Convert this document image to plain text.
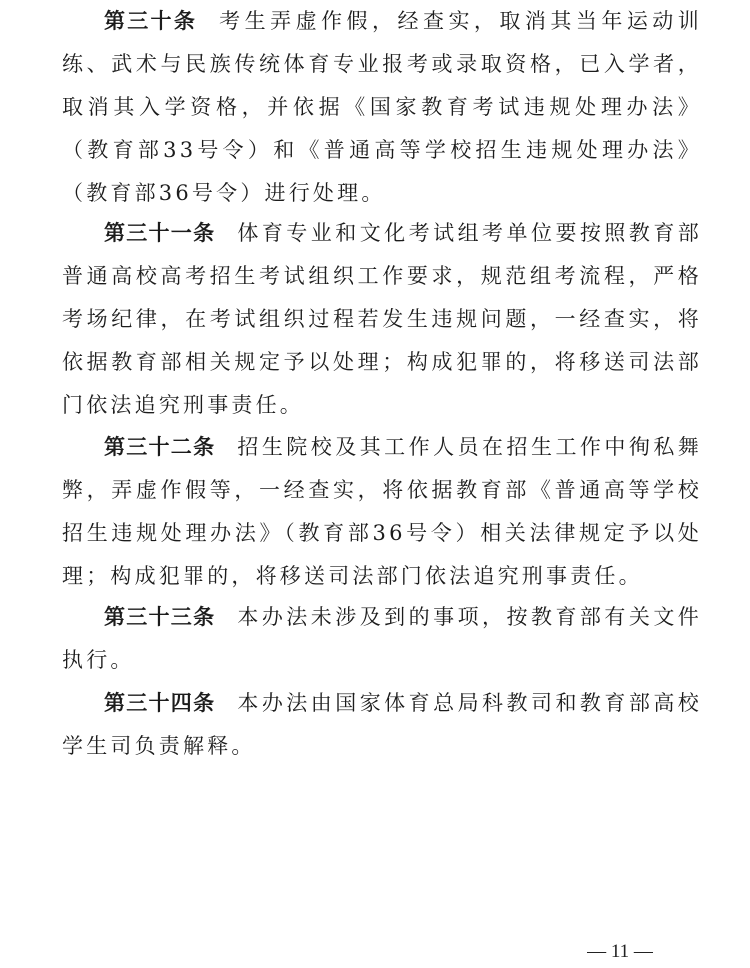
第三十条 考生弄虚作假，经查实，取消其当年运动训练、武术与民族传统体育专业报考或录取资格，已入学者，取消其入学资格，并依据《国家教育考试违规处理办法》（教育部33号令）和《普通高等学校招生违规处理办法》（教育部36号令）进行处理。

第三十一条 体育专业和文化考试组考单位要按照教育部普通高校高考招生考试组织工作要求，规范组考流程，严格考场纪律，在考试组织过程若发生违规问题，一经查实，将依据教育部相关规定予以处理；构成犯罪的，将移送司法部门依法追究刑事责任。

第三十二条 招生院校及其工作人员在招生工作中徇私舞弊，弄虚作假等，一经查实，将依据教育部《普通高等学校招生违规处理办法》（教育部36号令）相关法律规定予以处理；构成犯罪的，将移送司法部门依法追究刑事责任。

第三十三条 本办法未涉及到的事项，按教育部有关文件执行。

第三十四条 本办法由国家体育总局科教司和教育部高校学生司负责解释。

— 11 —
